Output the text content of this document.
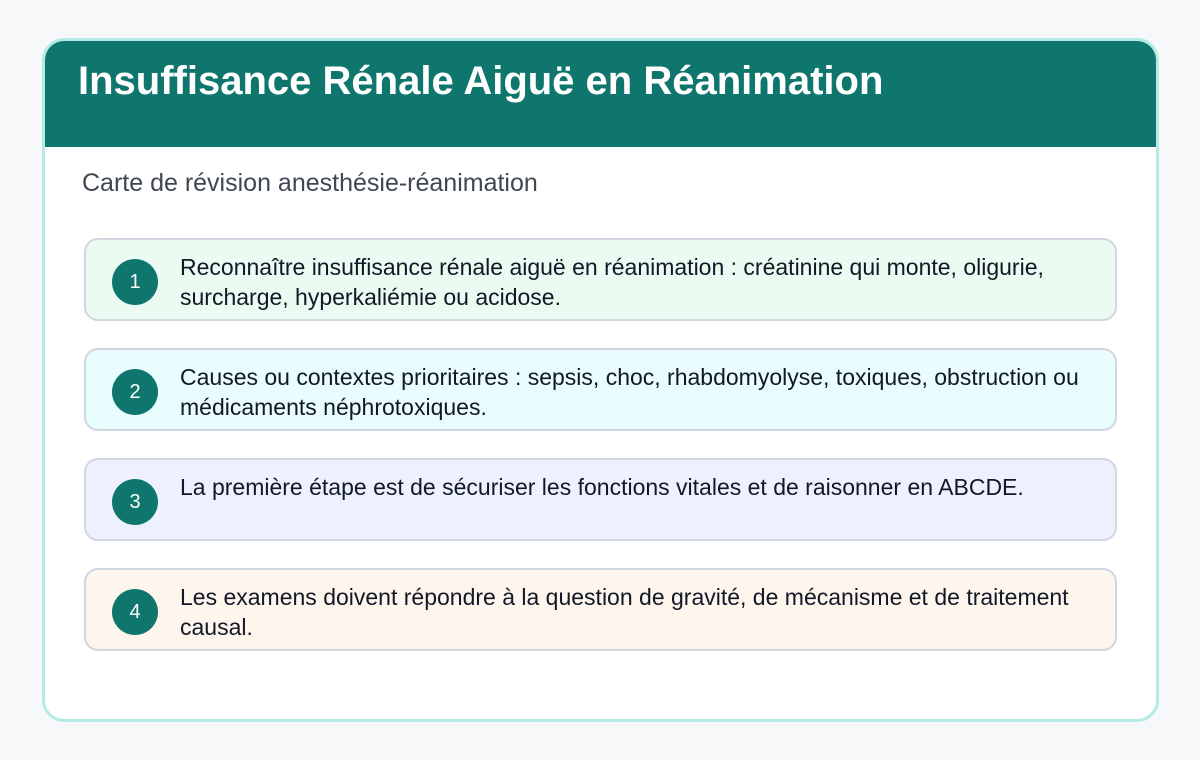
Insuffisance Rénale Aiguë en Réanimation
Carte de révision anesthésie-réanimation
1
Reconnaître insuffisance rénale aiguë en réanimation : créatinine qui monte, oligurie, surcharge, hyperkaliémie ou acidose.
2
Causes ou contextes prioritaires : sepsis, choc, rhabdomyolyse, toxiques, obstruction ou médicaments néphrotoxiques.
3
La première étape est de sécuriser les fonctions vitales et de raisonner en ABCDE.
4
Les examens doivent répondre à la question de gravité, de mécanisme et de traitement causal.
